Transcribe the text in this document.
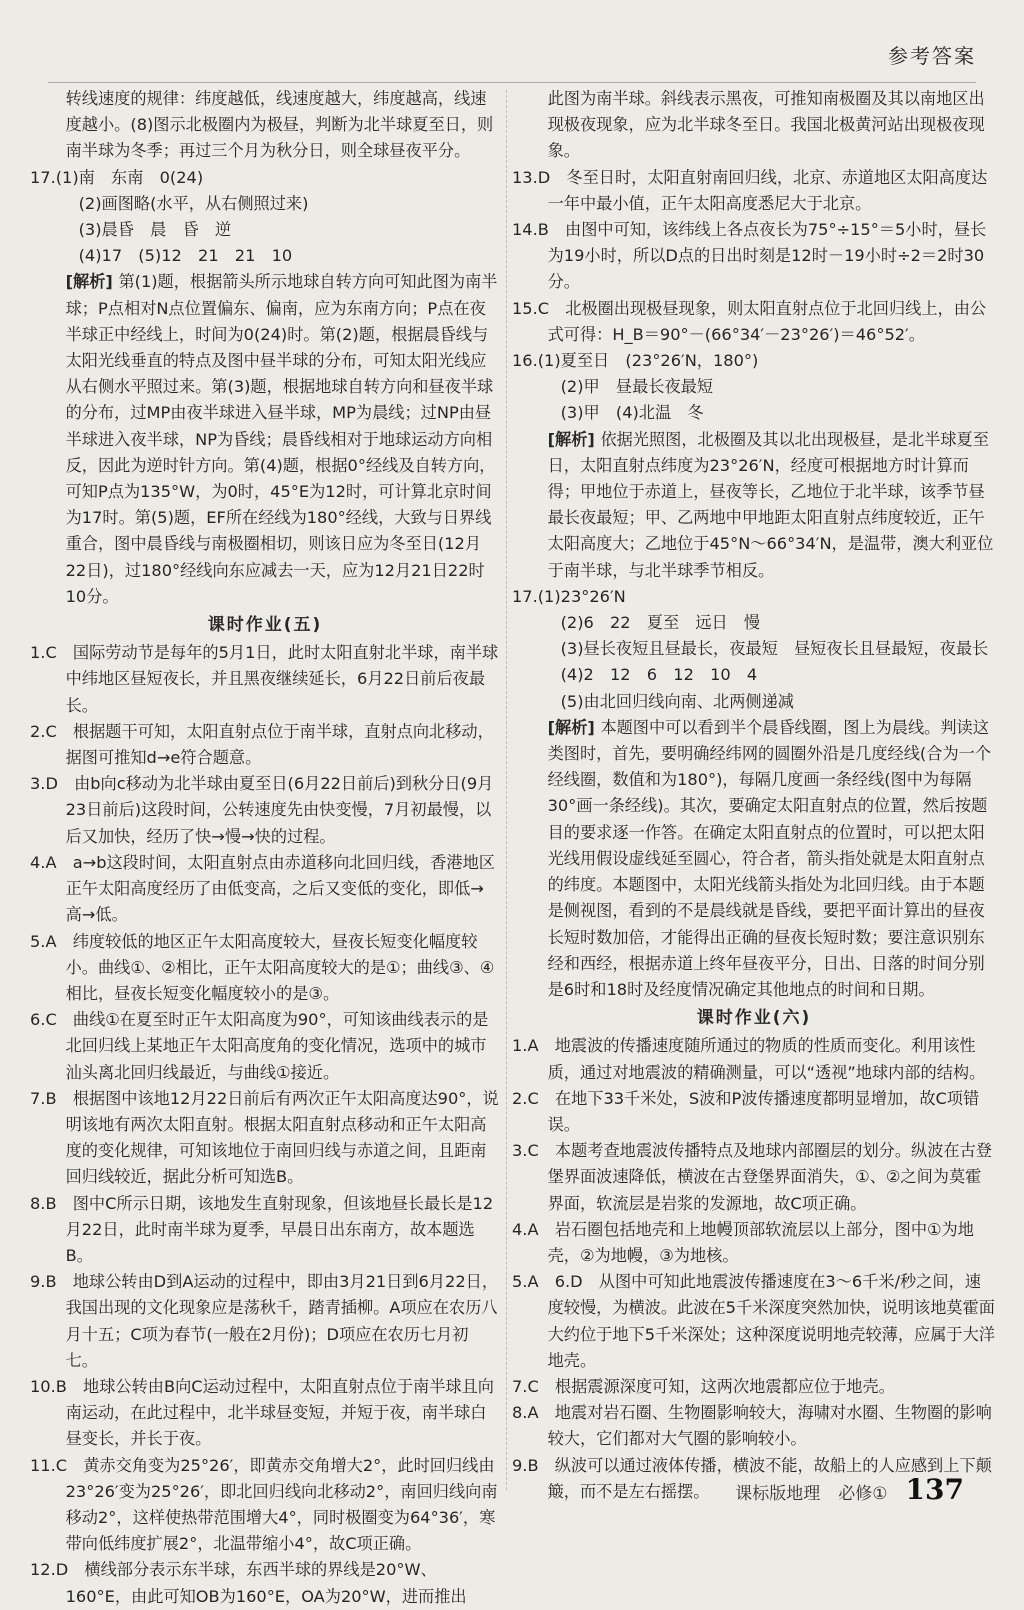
参考答案

转线速度的规律：纬度越低，线速度越大，纬度越高，线速度越小。(8)图示北极圈内为极昼，判断为北半球夏至日，则南半球为冬季；再过三个月为秋分日，则全球昼夜平分。

17.(1)南　东南　0(24)

(2)画图略(水平，从右侧照过来)

(3)晨昏　晨　昏　逆

(4)17　(5)12　21　21　10

[解析] 第(1)题，根据箭头所示地球自转方向可知此图为南半球；P点相对N点位置偏东、偏南，应为东南方向；P点在夜半球正中经线上，时间为0(24)时。第(2)题，根据晨昏线与太阳光线垂直的特点及图中昼半球的分布，可知太阳光线应从右侧水平照过来。第(3)题，根据地球自转方向和昼夜半球的分布，过MP由夜半球进入昼半球，MP为晨线；过NP由昼半球进入夜半球，NP为昏线；晨昏线相对于地球运动方向相反，因此为逆时针方向。第(4)题，根据0°经线及自转方向，可知P点为135°W，为0时，45°E为12时，可计算北京时间为17时。第(5)题，EF所在经线为180°经线，大致与日界线重合，图中晨昏线与南极圈相切，则该日应为冬至日(12月22日)，过180°经线向东应减去一天，应为12月21日22时10分。

课时作业(五)

1.C　国际劳动节是每年的5月1日，此时太阳直射北半球，南半球中纬地区昼短夜长，并且黑夜继续延长，6月22日前后夜最长。

2.C　根据题干可知，太阳直射点位于南半球，直射点向北移动，据图可推知d→e符合题意。

3.D　由b向c移动为北半球由夏至日(6月22日前后)到秋分日(9月23日前后)这段时间，公转速度先由快变慢，7月初最慢，以后又加快，经历了快→慢→快的过程。

4.A　a→b这段时间，太阳直射点由赤道移向北回归线，香港地区正午太阳高度经历了由低变高，之后又变低的变化，即低→高→低。

5.A　纬度较低的地区正午太阳高度较大，昼夜长短变化幅度较小。曲线①、②相比，正午太阳高度较大的是①；曲线③、④相比，昼夜长短变化幅度较小的是③。

6.C　曲线①在夏至时正午太阳高度为90°，可知该曲线表示的是北回归线上某地正午太阳高度角的变化情况，选项中的城市汕头离北回归线最近，与曲线①接近。

7.B　根据图中该地12月22日前后有两次正午太阳高度达90°，说明该地有两次太阳直射。根据太阳直射点移动和正午太阳高度的变化规律，可知该地位于南回归线与赤道之间，且距南回归线较近，据此分析可知选B。

8.B　图中C所示日期，该地发生直射现象，但该地昼长最长是12月22日，此时南半球为夏季，早晨日出东南方，故本题选B。

9.B　地球公转由D到A运动的过程中，即由3月21日到6月22日，我国出现的文化现象应是荡秋千，踏青插柳。A项应在农历八月十五；C项为春节(一般在2月份)；D项应在农历七月初七。

10.B　地球公转由B向C运动过程中，太阳直射点位于南半球且向南运动，在此过程中，北半球昼变短，并短于夜，南半球白昼变长，并长于夜。

11.C　黄赤交角变为25°26′，即黄赤交角增大2°，此时回归线由23°26′变为25°26′，即北回归线向北移动2°，南回归线向南移动2°，这样使热带范围增大4°，同时极圈变为64°36′，寒带向低纬度扩展2°，北温带缩小4°，故C项正确。

12.D　横线部分表示东半球，东西半球的界线是20°W、160°E，由此可知OB为160°E，OA为20°W，进而推出

此图为南半球。斜线表示黑夜，可推知南极圈及其以南地区出现极夜现象，应为北半球冬至日。我国北极黄河站出现极夜现象。

13.D　冬至日时，太阳直射南回归线，北京、赤道地区太阳高度达一年中最小值，正午太阳高度悉尼大于北京。

14.B　由图中可知，该纬线上各点夜长为75°÷15°＝5小时，昼长为19小时，所以D点的日出时刻是12时－19小时÷2＝2时30分。

15.C　北极圈出现极昼现象，则太阳直射点位于北回归线上，由公式可得：H_B＝90°－(66°34′－23°26′)＝46°52′。

16.(1)夏至日　(23°26′N，180°)

(2)甲　昼最长夜最短

(3)甲　(4)北温　冬

[解析] 依据光照图，北极圈及其以北出现极昼，是北半球夏至日，太阳直射点纬度为23°26′N，经度可根据地方时计算而得；甲地位于赤道上，昼夜等长，乙地位于北半球，该季节昼最长夜最短；甲、乙两地中甲地距太阳直射点纬度较近，正午太阳高度大；乙地位于45°N～66°34′N，是温带，澳大利亚位于南半球，与北半球季节相反。

17.(1)23°26′N

(2)6　22　夏至　远日　慢

(3)昼长夜短且昼最长，夜最短　昼短夜长且昼最短，夜最长

(4)2　12　6　12　10　4

(5)由北回归线向南、北两侧递减

[解析] 本题图中可以看到半个晨昏线圈，图上为晨线。判读这类图时，首先，要明确经纬网的圆圈外沿是几度经线(合为一个经线圈，数值和为180°)，每隔几度画一条经线(图中为每隔30°画一条经线)。其次，要确定太阳直射点的位置，然后按题目的要求逐一作答。在确定太阳直射点的位置时，可以把太阳光线用假设虚线延至圆心，符合者，箭头指处就是太阳直射点的纬度。本题图中，太阳光线箭头指处为北回归线。由于本题是侧视图，看到的不是晨线就是昏线，要把平面计算出的昼夜长短时数加倍，才能得出正确的昼夜长短时数；要注意识别东经和西经，根据赤道上终年昼夜平分，日出、日落的时间分别是6时和18时及经度情况确定其他地点的时间和日期。

课时作业(六)

1.A　地震波的传播速度随所通过的物质的性质而变化。利用该性质，通过对地震波的精确测量，可以“透视”地球内部的结构。

2.C　在地下33千米处，S波和P波传播速度都明显增加，故C项错误。

3.C　本题考查地震波传播特点及地球内部圈层的划分。纵波在古登堡界面波速降低，横波在古登堡界面消失，①、②之间为莫霍界面，软流层是岩浆的发源地，故C项正确。

4.A　岩石圈包括地壳和上地幔顶部软流层以上部分，图中①为地壳，②为地幔，③为地核。

5.A　6.D　从图中可知此地震波传播速度在3～6千米/秒之间，速度较慢，为横波。此波在5千米深度突然加快，说明该地莫霍面大约位于地下5千米深处；这种深度说明地壳较薄，应属于大洋地壳。

7.C　根据震源深度可知，这两次地震都应位于地壳。

8.A　地震对岩石圈、生物圈影响较大，海啸对水圈、生物圈的影响较大，它们都对大气圈的影响较小。

9.B　纵波可以通过液体传播，横波不能，故船上的人应感到上下颠簸，而不是左右摇摆。	课标版地理 必修① 137
